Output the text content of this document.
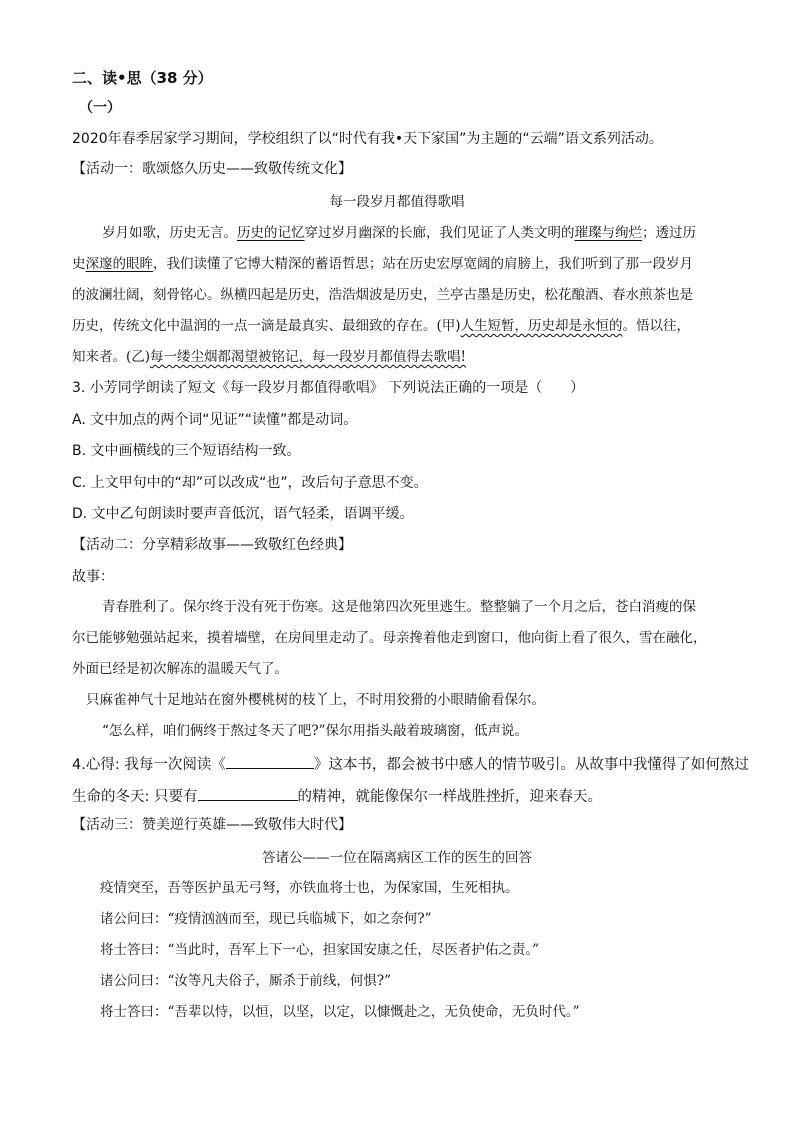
二、读•思（38 分）
（一）
2020年春季居家学习期间，学校组织了以“时代有我•天下家国”为主题的“云端”语文系列活动。
【活动一：歌颂悠久历史——致敬传统文化】
每一段岁月都值得歌唱
岁月如歌，历史无言。历史的记忆穿过岁月幽深的长廊，我们见证了人类文明的璀璨与绚烂；透过历
史深邃的眼眸，我们读懂了它博大精深的蓄语哲思；站在历史宏厚宽阔的肩膀上，我们听到了那一段岁月
的波澜壮阔，刻骨铭心。纵横四起是历史，浩浩烟波是历史，兰亭古墨是历史，松花酿酒、春水煎茶也是
历史，传统文化中温润的一点一滴是最真实、最细致的存在。(甲)人生短暂，历史却是永恒的。悟以往，
知来者。(乙)每一缕尘烟都渴望被铭记，每一段岁月都值得去歌唱!
3. 小芳同学朗读了短文《每一段岁月都值得歌唱》 下列说法正确的一项是（　　）
A. 文中加点的两个词“见证”“读懂”都是动词。
B. 文中画横线的三个短语结构一致。
C. 上文甲句中的“却”可以改成“也”，改后句子意思不变。
D. 文中乙句朗读时要声音低沉，语气轻柔，语调平缓。
【活动二：分享精彩故事——致敬红色经典】
故事：
青春胜利了。保尔终于没有死于伤寒。这是他第四次死里逃生。整整躺了一个月之后，苍白消瘦的保
尔已能够勉强站起来，摸着墙壁，在房间里走动了。母亲搀着他走到窗口，他向街上看了很久，雪在融化，
外面已经是初次解冻的温暖天气了。
只麻雀神气十足地站在窗外樱桃树的枝丫上，不时用狡猾的小眼睛偷看保尔。
“怎么样，咱们俩终于熬过冬天了吧?”保尔用指头敲着玻璃窗，低声说。
4.心得: 我每一次阅读《	》这本书，都会被书中感人的情节吸引。从故事中我懂得了如何熬过
生命的冬天: 只要有	的精神，就能像保尔一样战胜挫折，迎来春天。
【活动三：赞美逆行英雄——致敬伟大时代】
答诸公——一位在隔离病区工作的医生的回答
疫情突至，吾等医护虽无弓弩，亦铁血将士也，为保家国，生死相执。
诸公问曰：“疫情汹汹而至，现已兵临城下，如之奈何?”
将士答曰：“当此时，吾军上下一心，担家国安康之任，尽医者护佑之责。”
诸公问曰：“汝等凡夫俗子，厮杀于前线，何惧?”
将士答曰：“吾辈以恃，以恒，以坚，以定，以慷慨赴之，无负使命，无负时代。”
